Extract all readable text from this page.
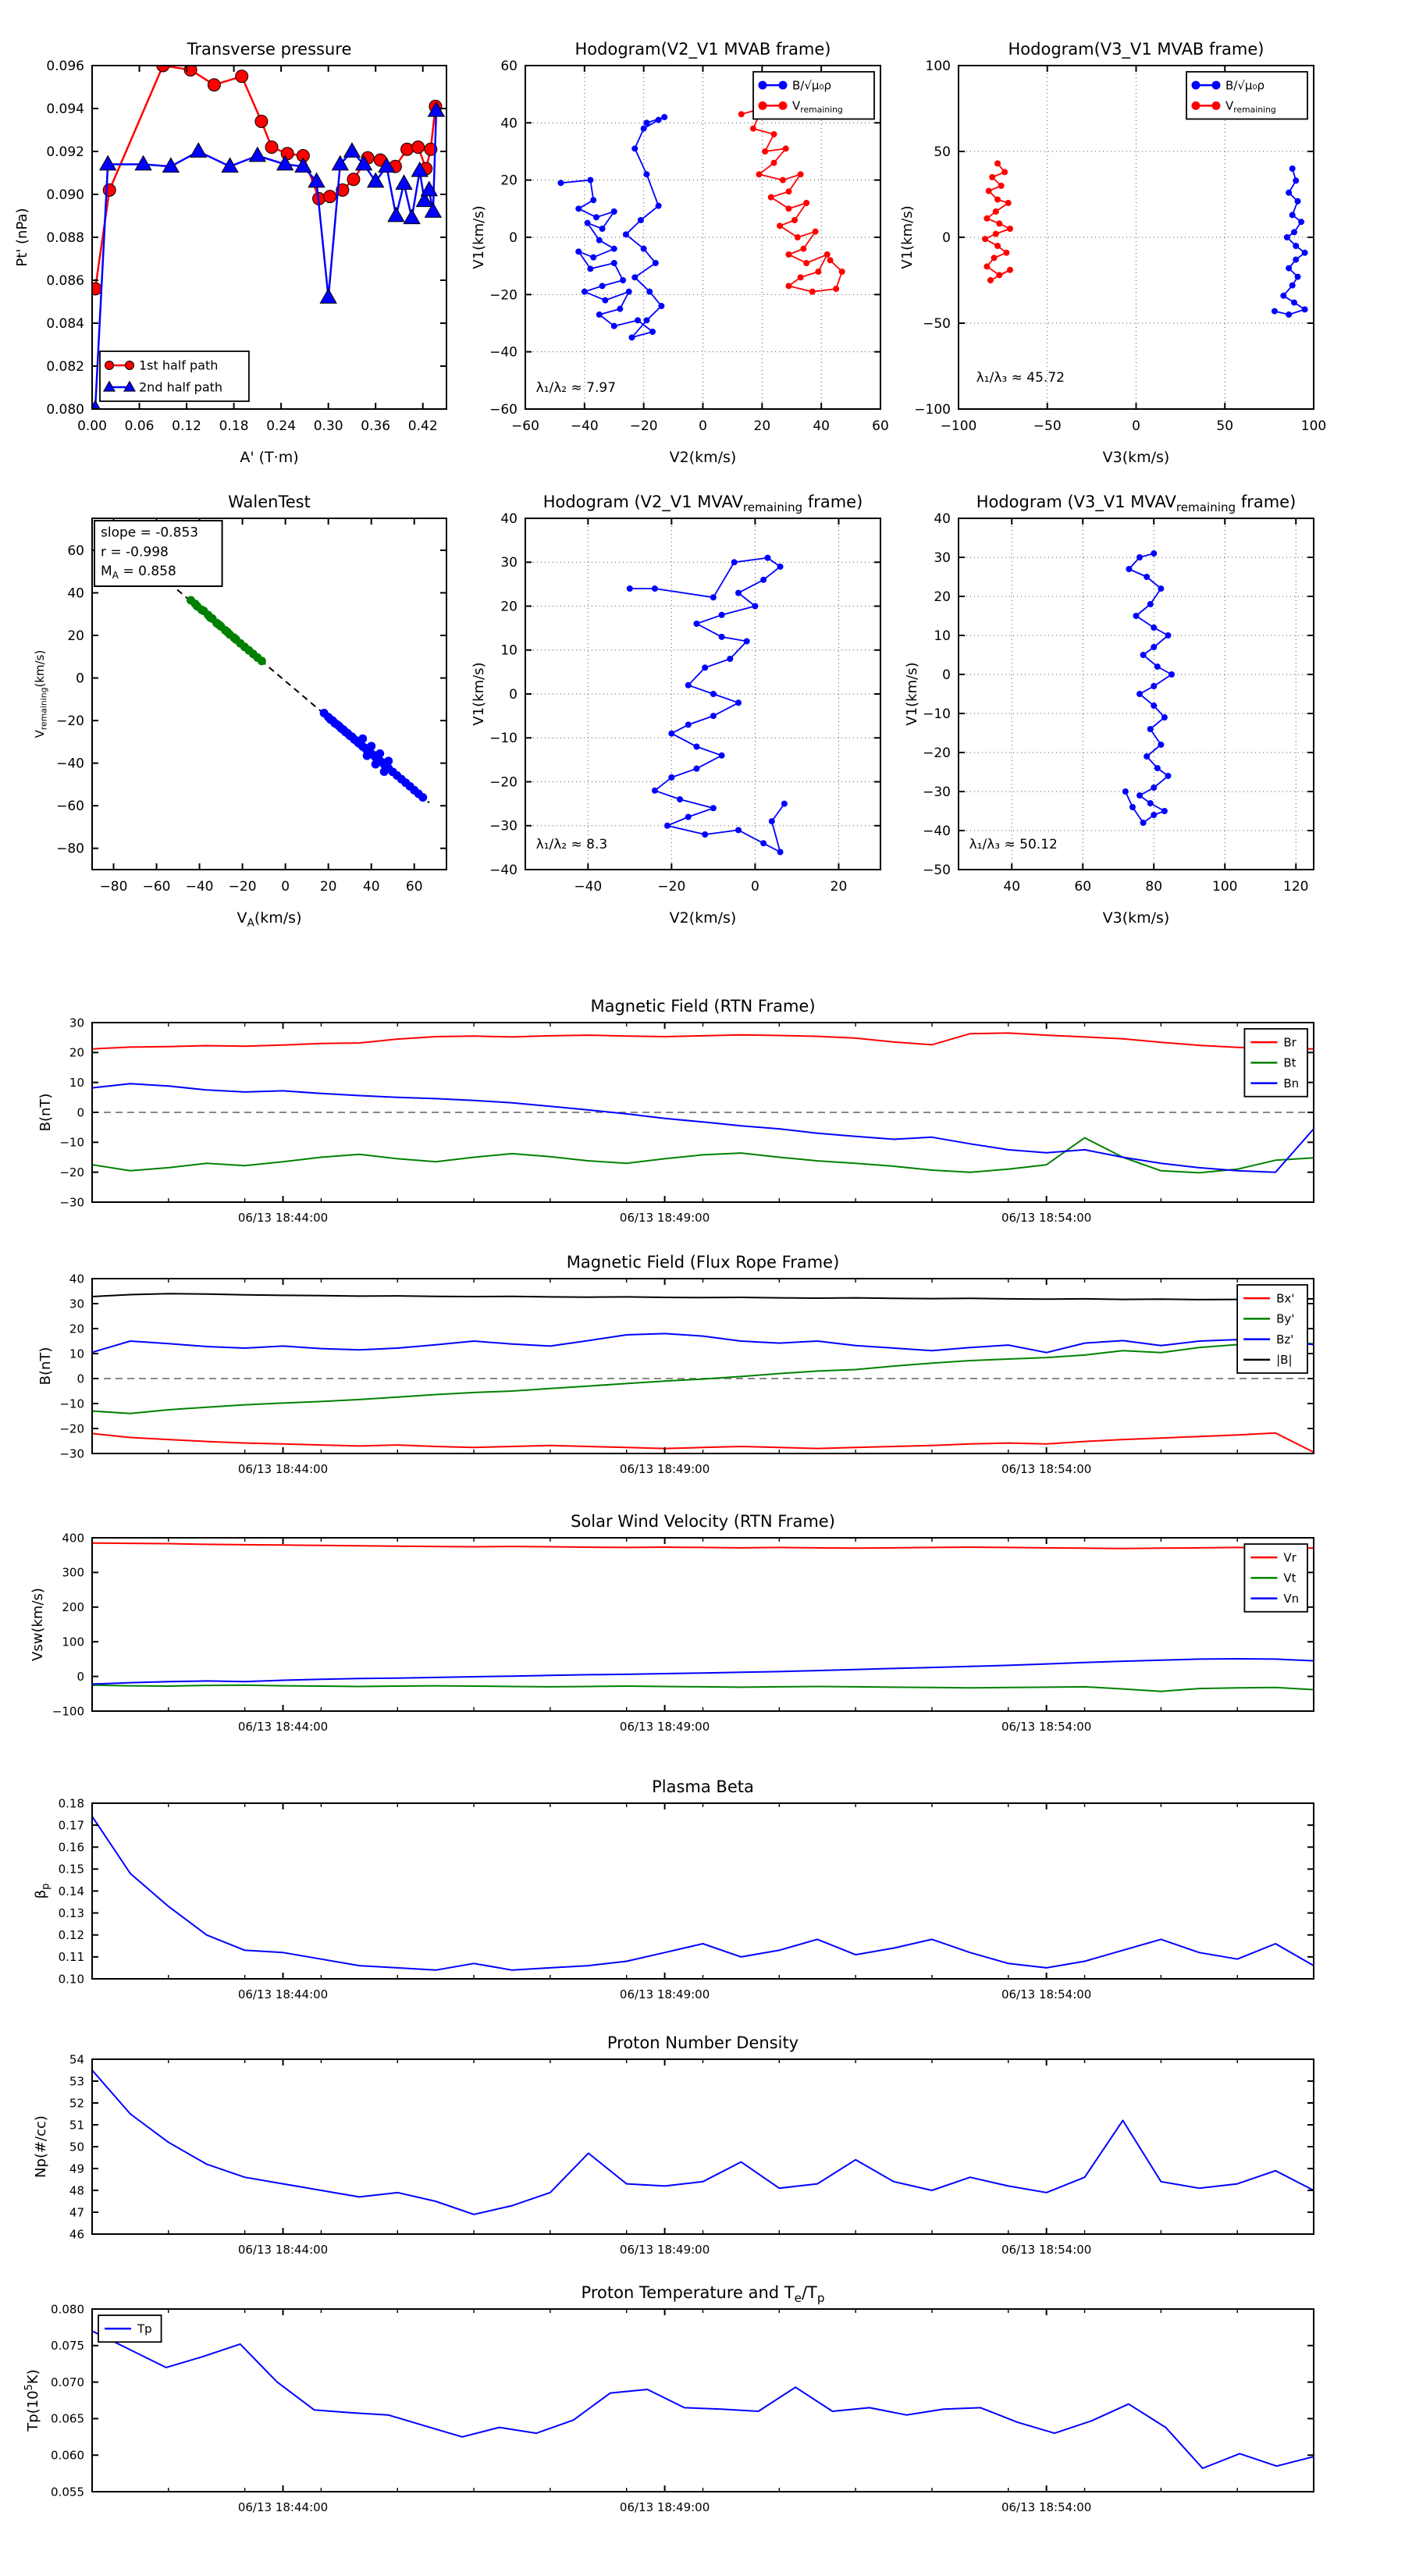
0.00 0.06 0.12 0.18 0.24 0.30 0.36 0.42
0.080
0.082
0.084
0.086
0.088
0.090
0.092
0.094
0.096
Transverse pressure
A' (T·m)
Pt' (nPa)
1st half path
2nd half path
−60 −40 −20	0	20	40	60
−60
−40
−20
0
20
40
60
Hodogram(V2_V1 MVAB frame)
V2(km/s)
V1(km/s)
λ₁/λ₂ ≈ 7.97
B/√μ₀ρ
$V_{remaining}$
−100	−50	0	50	100
−100
−50
0
50
100
Hodogram(V3_V1 MVAB frame)
V3(km/s)
V1(km/s)
λ₁/λ₃ ≈ 45.72
B/√μ₀ρ
$V_{remaining}$
−80 −60 −40 −20 0 20 40 60
−80
−60
−40
−20
0
20
40
60
WalenTest
$V_A(km/s)$
$V_{remaining}(km/s)$
slope = -0.853
r = -0.998
$M_A = 0.858$
−40	−20	0	20
−40
−30
−20
−10
0
10
20
30
40
Hodogram (V2_V1 $MVAV_{remaining}$ frame)
V2(km/s)
V1(km/s)
λ₁/λ₂ ≈ 8.3
40	60	80	100	120
−50
−40
−30
−20
−10
0
10
20
30
40
Hodogram (V3_V1 $MVAV_{remaining}$ frame)
V3(km/s)
V1(km/s)
λ₁/λ₃ ≈ 50.12
06/13 18:44:00	06/13 18:49:00	06/13 18:54:00
−30
−20
−10
0
10
20
30
Magnetic Field (RTN Frame)
B(nT)
Br
Bt
Bn
06/13 18:44:00	06/13 18:49:00	06/13 18:54:00
−30
−20
−10
0
10
20
30
40
Magnetic Field (Flux Rope Frame)
B(nT)
Bx'
By'
Bz'
|B|
06/13 18:44:00	06/13 18:49:00	06/13 18:54:00
−100
0
100
200
300
400
Solar Wind Velocity (RTN Frame)
Vsw(km/s)
Vr
Vt
Vn
06/13 18:44:00	06/13 18:49:00	06/13 18:54:00
0.10
0.11
0.12
0.13
0.14
0.15
0.16
0.17
0.18
Plasma Beta
$\beta_p$
06/13 18:44:00	06/13 18:49:00	06/13 18:54:00
46
47
48
49
50
51
52
53
54
Proton Number Density
Np(#/cc)
06/13 18:44:00	06/13 18:49:00	06/13 18:54:00
0.055
0.060
0.065
0.070
0.075
0.080
Proton Temperature and $T_e/T_p$
$Tp(10^5K)$
Tp
